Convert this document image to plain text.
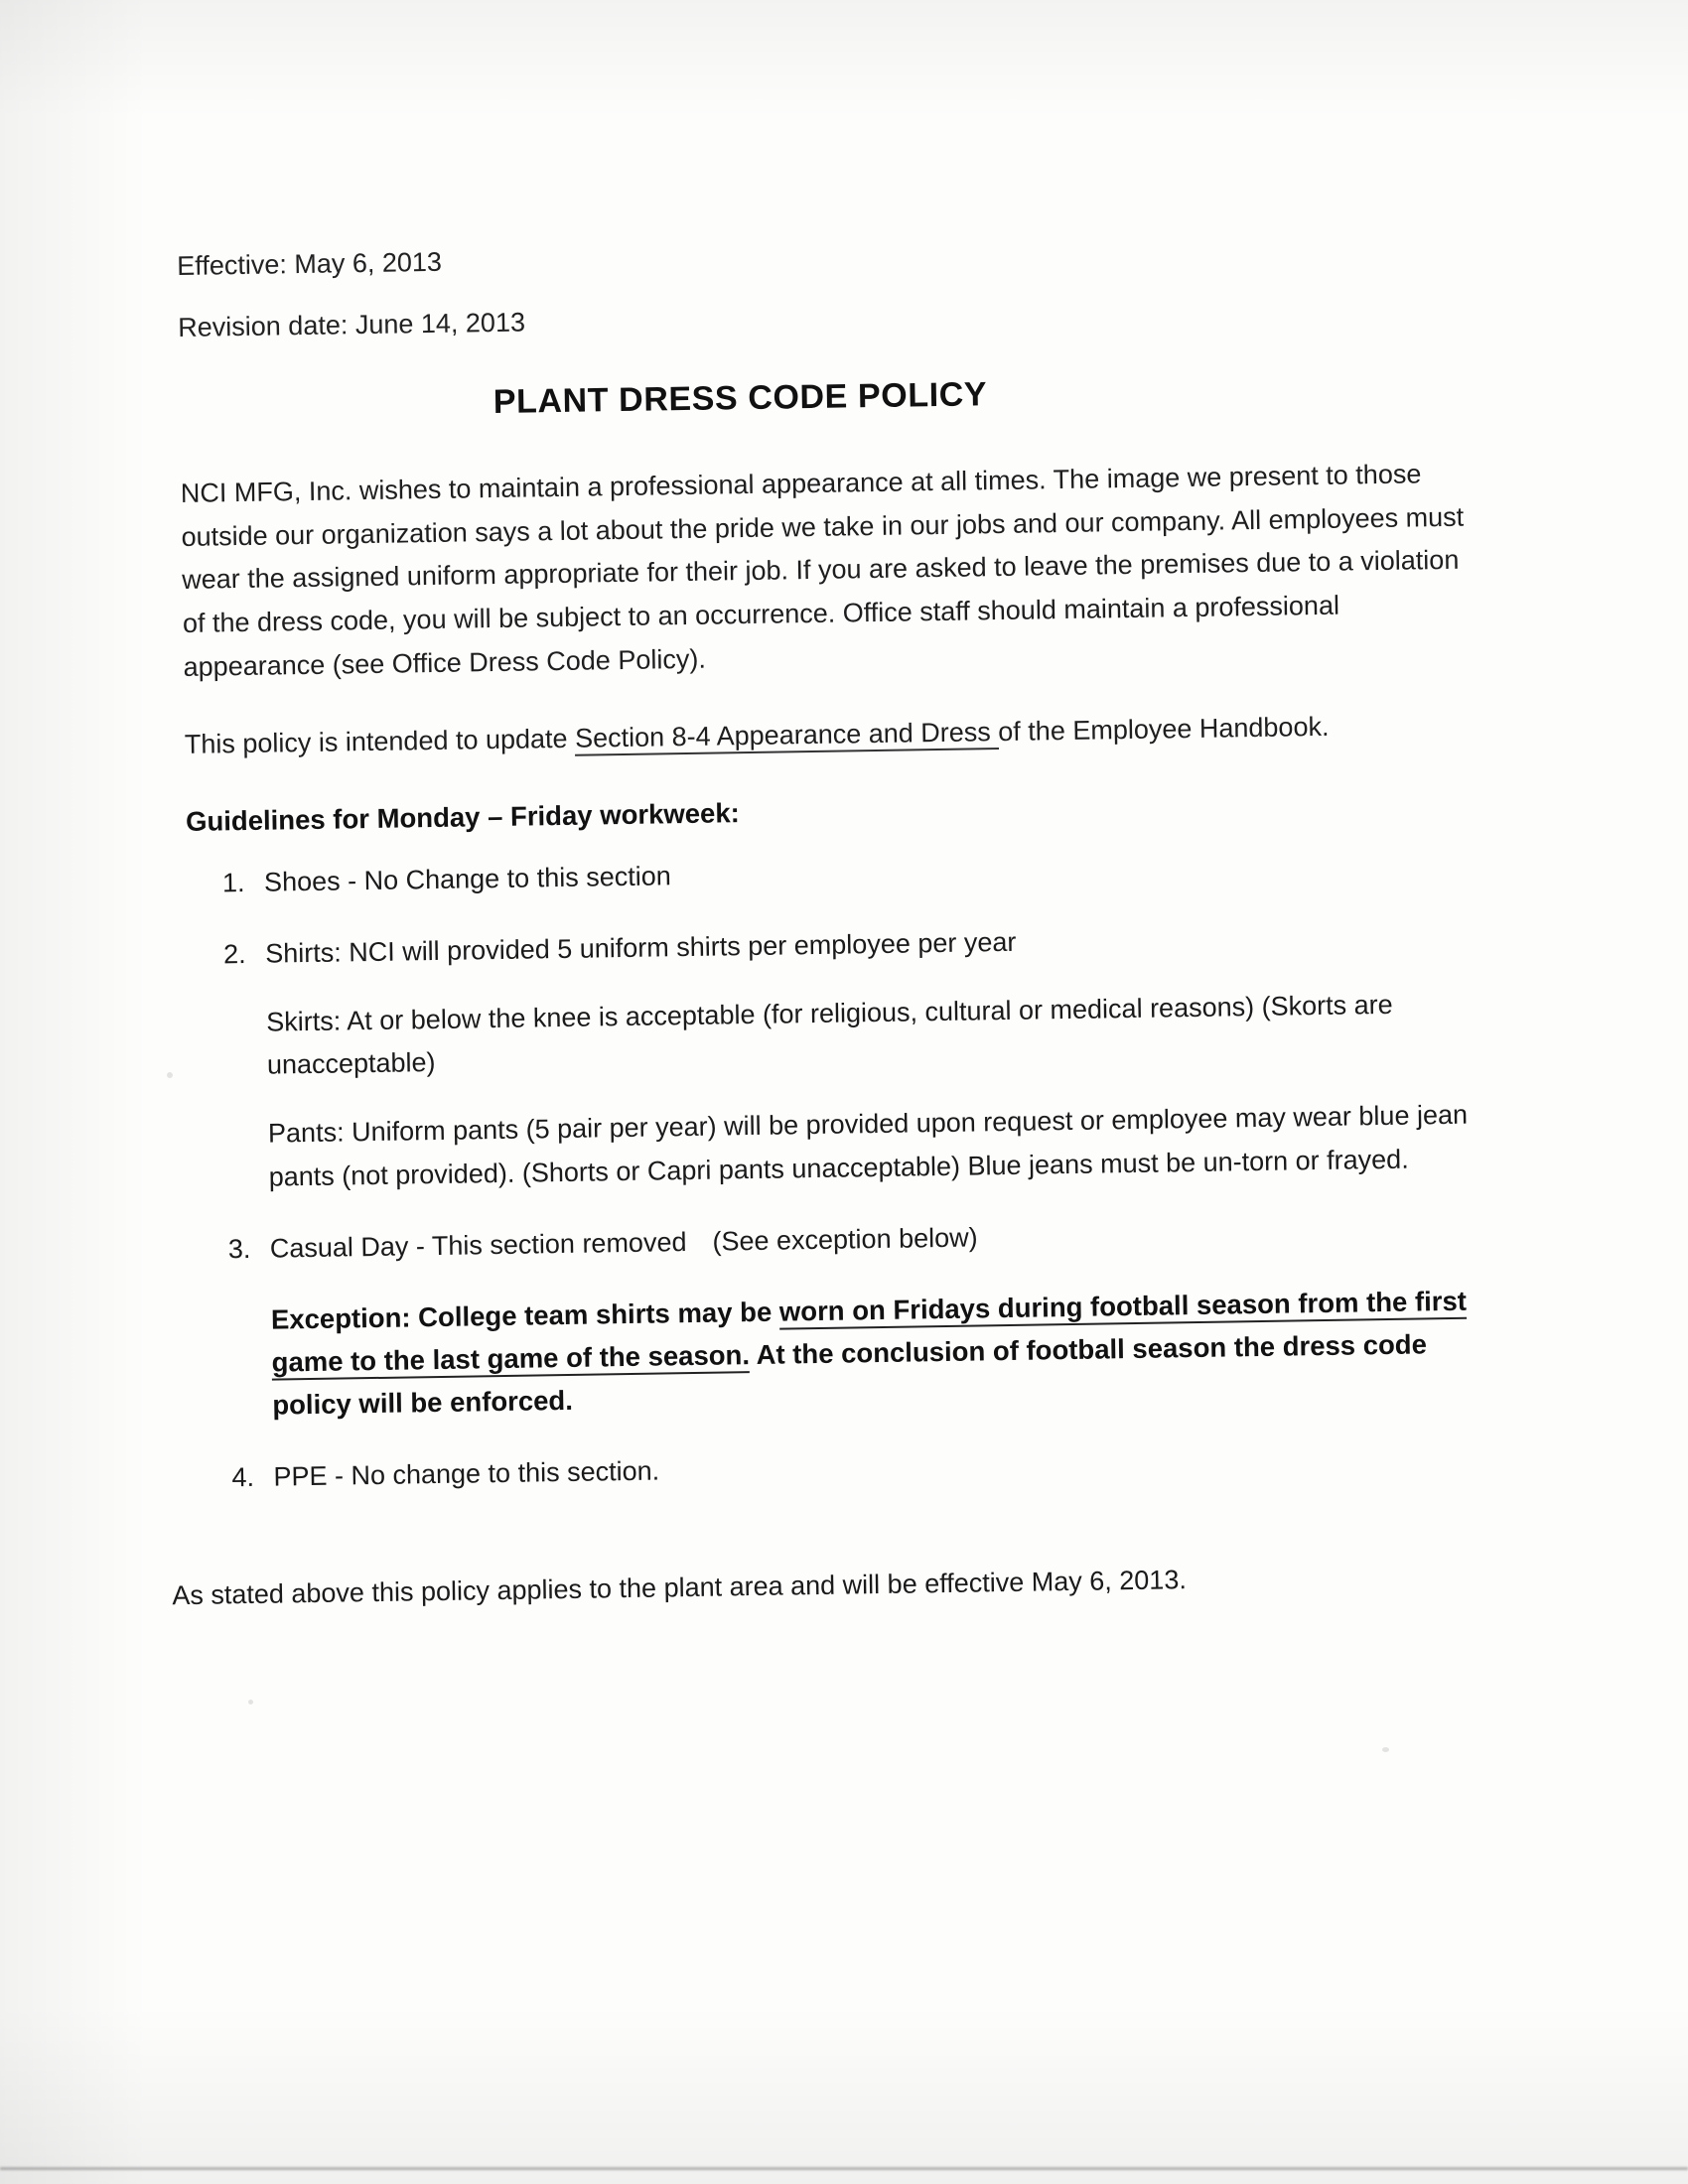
Effective: May 6, 2013
Revision date: June 14, 2013
PLANT DRESS CODE POLICY

NCI MFG, Inc. wishes to maintain a professional appearance at all times. The image we present to those outside our organization says a lot about the pride we take in our jobs and our company. All employees must wear the assigned uniform appropriate for their job. If you are asked to leave the premises due to a violation of the dress code, you will be subject to an occurrence. Office staff should maintain a professional appearance (see Office Dress Code Policy).

This policy is intended to update Section 8-4 Appearance and Dress of the Employee Handbook.

Guidelines for Monday – Friday workweek:
1. Shoes - No Change to this section
2. Shirts: NCI will provided 5 uniform shirts per employee per year
Skirts: At or below the knee is acceptable (for religious, cultural or medical reasons) (Skorts are unacceptable)
Pants: Uniform pants (5 pair per year) will be provided upon request or employee may wear blue jean pants (not provided). (Shorts or Capri pants unacceptable) Blue jeans must be un-torn or frayed.
3. Casual Day - This section removed (See exception below)
Exception: College team shirts may be worn on Fridays during football season from the first game to the last game of the season. At the conclusion of football season the dress code policy will be enforced.
4. PPE - No change to this section.

As stated above this policy applies to the plant area and will be effective May 6, 2013.
